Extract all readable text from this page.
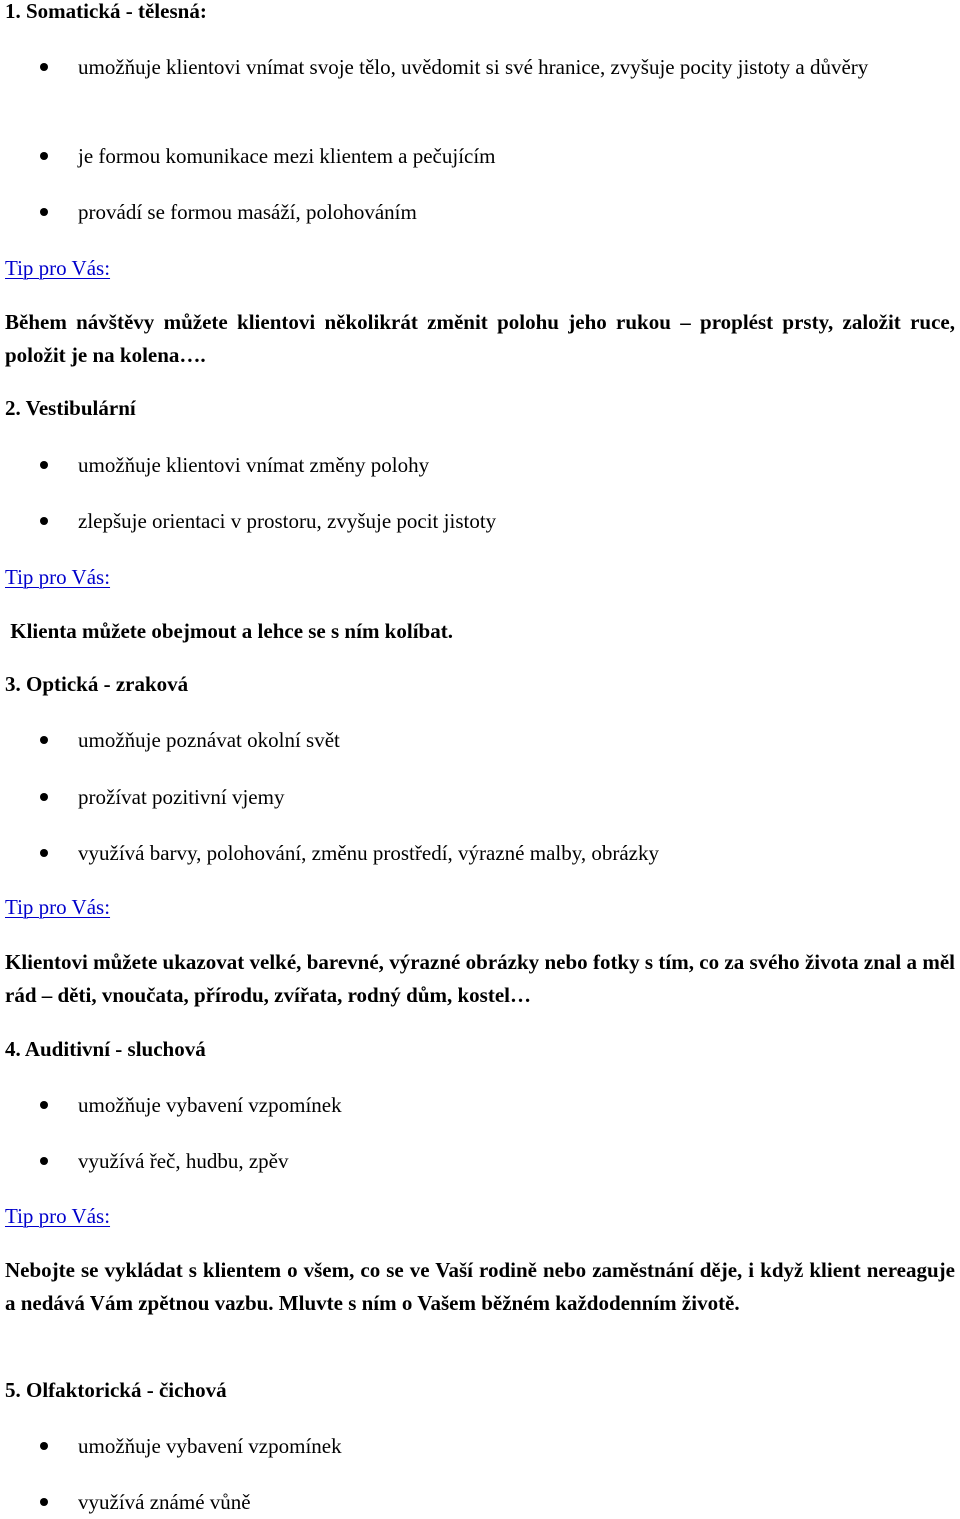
1. Somatická - tělesná:
umožňuje klientovi vnímat svoje tělo, uvědomit si své hranice, zvyšuje pocity jistoty a důvěry
je formou komunikace mezi klientem a pečujícím
provádí se formou masáží, polohováním
Tip pro Vás:
Během návštěvy můžete klientovi několikrát změnit polohu jeho rukou – proplést prsty, založit ruce, položit je na kolena….
2. Vestibulární
umožňuje klientovi vnímat změny polohy
zlepšuje orientaci v prostoru, zvyšuje pocit jistoty
Tip pro Vás:
Klienta můžete obejmout a lehce se s ním kolíbat.
3. Optická - zraková
umožňuje poznávat okolní svět
prožívat pozitivní vjemy
využívá barvy, polohování, změnu prostředí, výrazné malby, obrázky
Tip pro Vás:
Klientovi můžete ukazovat velké, barevné, výrazné obrázky nebo fotky s tím, co za svého života znal a měl rád – děti, vnoučata, přírodu, zvířata, rodný dům, kostel…
4. Auditivní - sluchová
umožňuje vybavení vzpomínek
využívá řeč, hudbu, zpěv
Tip pro Vás:
Nebojte se vykládat s klientem o všem, co se ve Vaší rodině nebo zaměstnání děje, i když klient nereaguje a nedává Vám zpětnou vazbu. Mluvte s ním o Vašem běžném každodenním životě.
5. Olfaktorická - čichová
umožňuje vybavení vzpomínek
využívá známé vůně
